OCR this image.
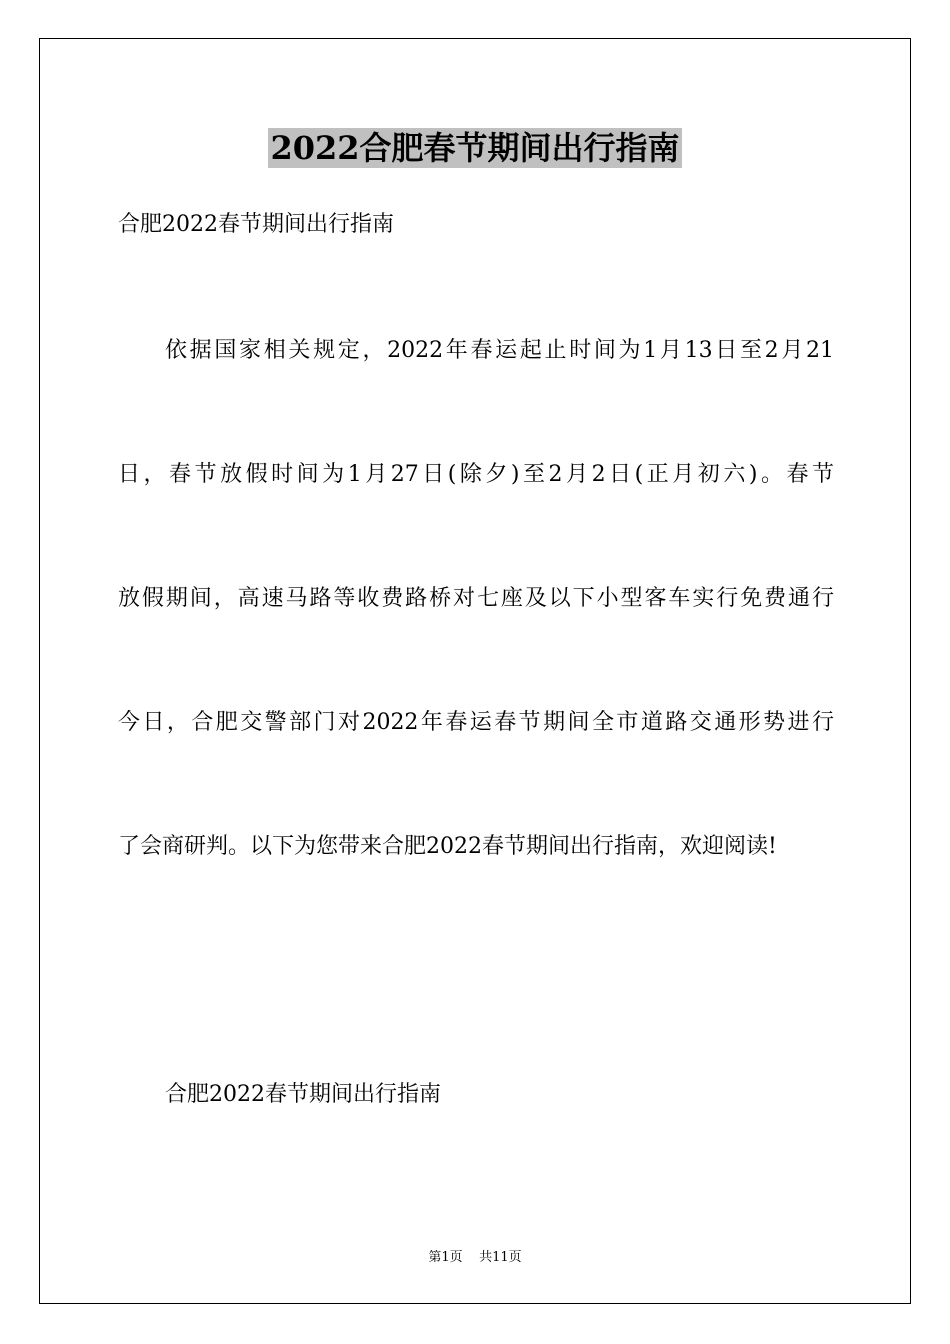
2022合肥春节期间出行指南
合肥2022春节期间出行指南
依据国家相关规定，2022年春运起止时间为1月13日至2月21
日，春节放假时间为1月27日(除夕)至2月2日(正月初六)。春节
放假期间，高速马路等收费路桥对七座及以下小型客车实行免费通行
今日，合肥交警部门对2022年春运春节期间全市道路交通形势进行
了会商研判。以下为您带来合肥2022春节期间出行指南，欢迎阅读!
合肥2022春节期间出行指南
第1页 共11页
